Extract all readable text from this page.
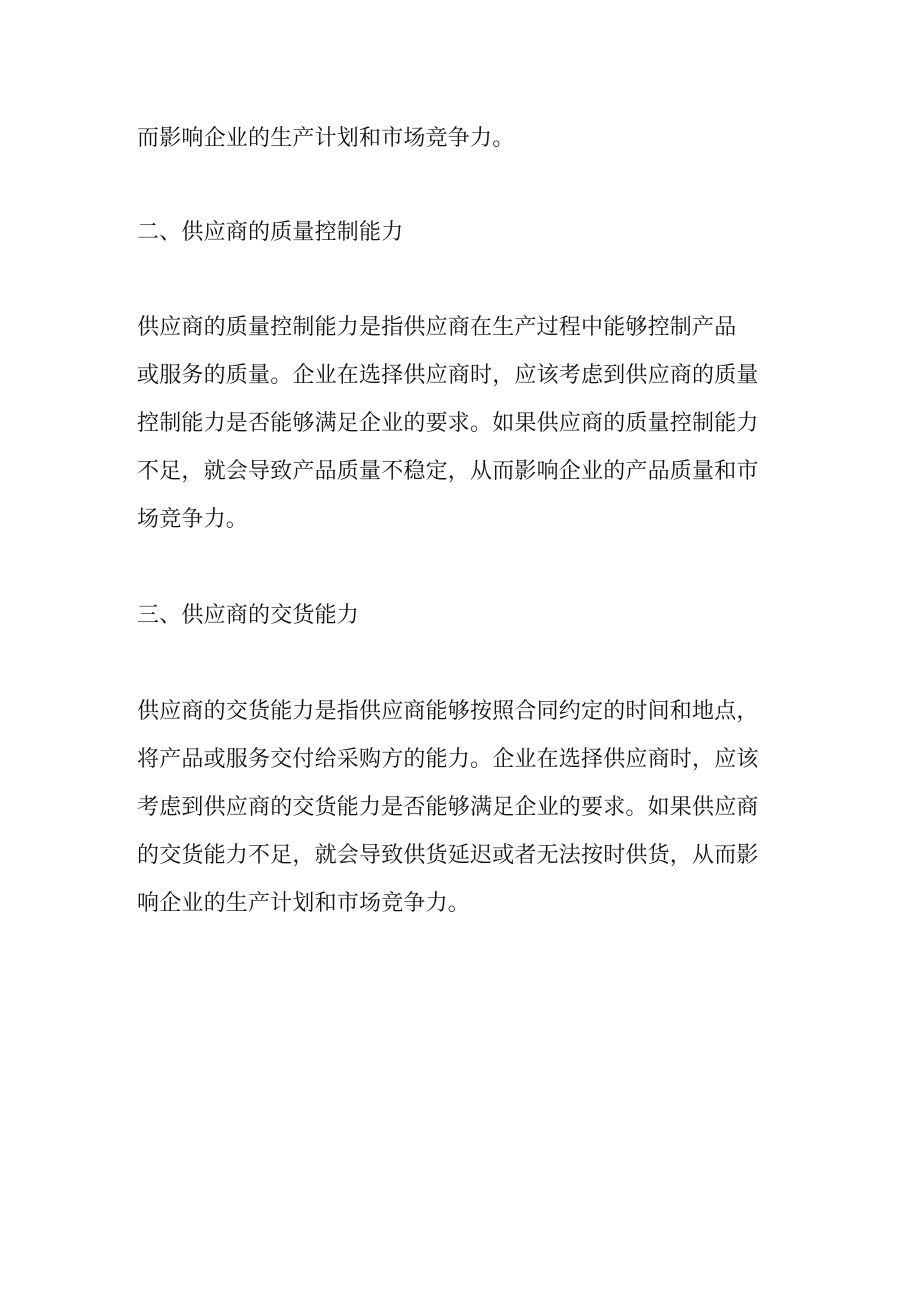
而影响企业的生产计划和市场竞争力。
二、供应商的质量控制能力
供应商的质量控制能力是指供应商在生产过程中能够控制产品
或服务的质量。企业在选择供应商时，应该考虑到供应商的质量
控制能力是否能够满足企业的要求。如果供应商的质量控制能力
不足，就会导致产品质量不稳定，从而影响企业的产品质量和市
场竞争力。
三、供应商的交货能力
供应商的交货能力是指供应商能够按照合同约定的时间和地点，
将产品或服务交付给采购方的能力。企业在选择供应商时，应该
考虑到供应商的交货能力是否能够满足企业的要求。如果供应商
的交货能力不足，就会导致供货延迟或者无法按时供货，从而影
响企业的生产计划和市场竞争力。
